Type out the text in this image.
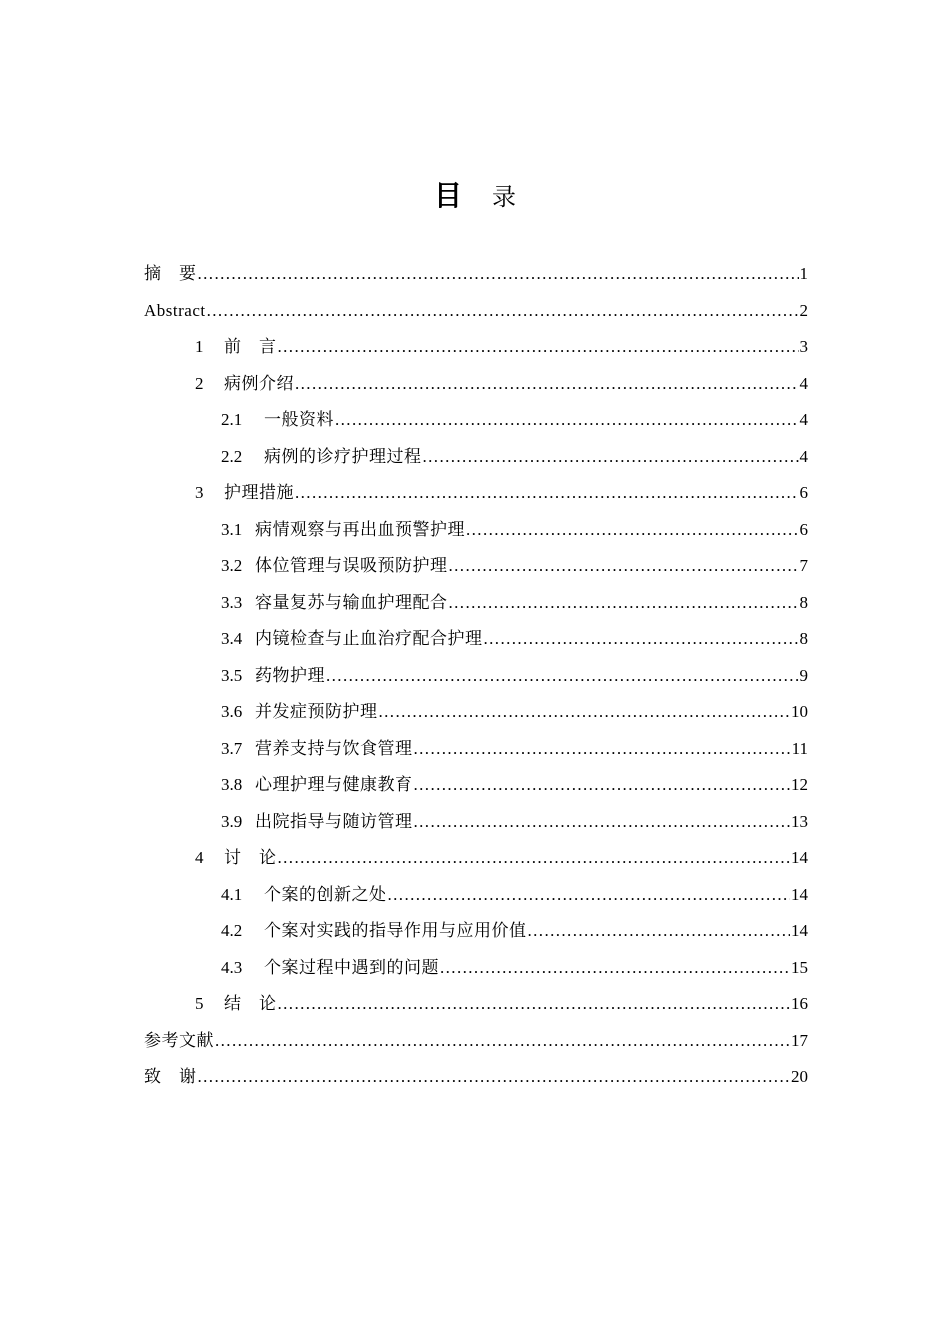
目 录
摘　要 .....	1
Abstract .....	2
1	前　言 .....	3
2	病例介绍 .....	4
2.1	一般资料 .....	4
2.2	病例的诊疗护理过程 .....	4
3	护理措施 .....	6
3.1 病情观察与再出血预警护理 .....	6
3.2 体位管理与误吸预防护理 .....	7
3.3 容量复苏与输血护理配合 .....	8
3.4 内镜检查与止血治疗配合护理 .....	8
3.5 药物护理 .....	9
3.6 并发症预防护理 .....	10
3.7 营养支持与饮食管理 .....	11
3.8 心理护理与健康教育 .....	12
3.9 出院指导与随访管理 .....	13
4	讨　论 .....	14
4.1	个案的创新之处 .....	14
4.2	个案对实践的指导作用与应用价值 .....	14
4.3	个案过程中遇到的问题 .....	15
5	结　论 .....	16
参考文献 .....	17
致　谢 .....	20
